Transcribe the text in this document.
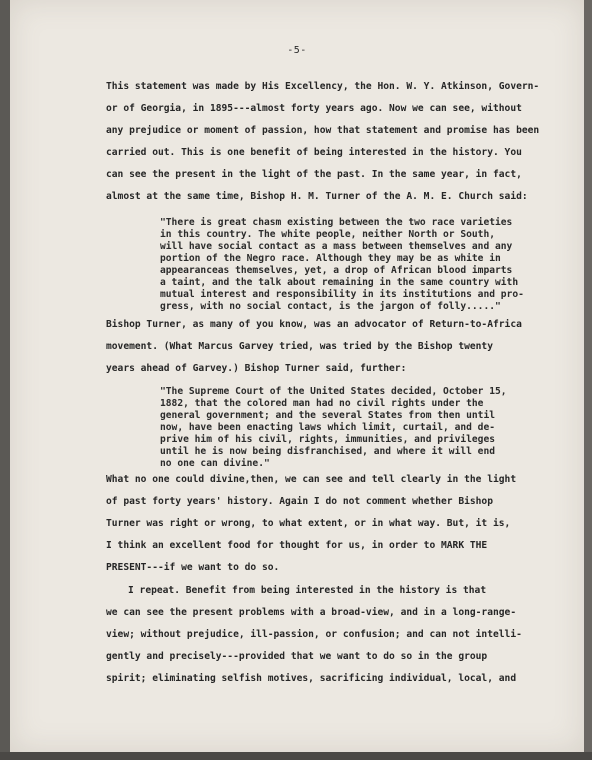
-5-
This statement was made by His Excellency, the Hon. W. Y. Atkinson, Govern-
or of Georgia, in 1895---almost forty years ago. Now we can see, without
any prejudice or moment of passion, how that statement and promise has been
carried out. This is one benefit of being interested in the history. You
can see the present in the light of the past. In the same year, in fact,
almost at the same time, Bishop H. M. Turner of the A. M. E. Church said:
"There is great chasm existing between the two race varieties
in this country. The white people, neither North or South,
will have social contact as a mass between themselves and any
portion of the Negro race. Although they may be as white in
appearanceas themselves, yet, a drop of African blood imparts
a taint, and the talk about remaining in the same country with
mutual interest and responsibility in its institutions and pro-
gress, with no social contact, is the jargon of folly....."
Bishop Turner, as many of you know, was an advocator of Return-to-Africa
movement. (What Marcus Garvey tried, was tried by the Bishop twenty
years ahead of Garvey.) Bishop Turner said, further:
"The Supreme Court of the United States decided, October 15,
1882, that the colored man had no civil rights under the
general government; and the several States from then until
now, have been enacting laws which limit, curtail, and de-
prive him of his civil, rights, immunities, and privileges
until he is now being disfranchised, and where it will end
no one can divine."
What no one could divine,then, we can see and tell clearly in the light
of past forty years' history. Again I do not comment whether Bishop
Turner was right or wrong, to what extent, or in what way. But, it is,
I think an excellent food for thought for us, in order to MARK THE
PRESENT---if we want to do so.
I repeat. Benefit from being interested in the history is that
we can see the present problems with a broad-view, and in a long-range-
view; without prejudice, ill-passion, or confusion; and can not intelli-
gently and precisely---provided that we want to do so in the group
spirit; eliminating selfish motives, sacrificing individual, local, and
